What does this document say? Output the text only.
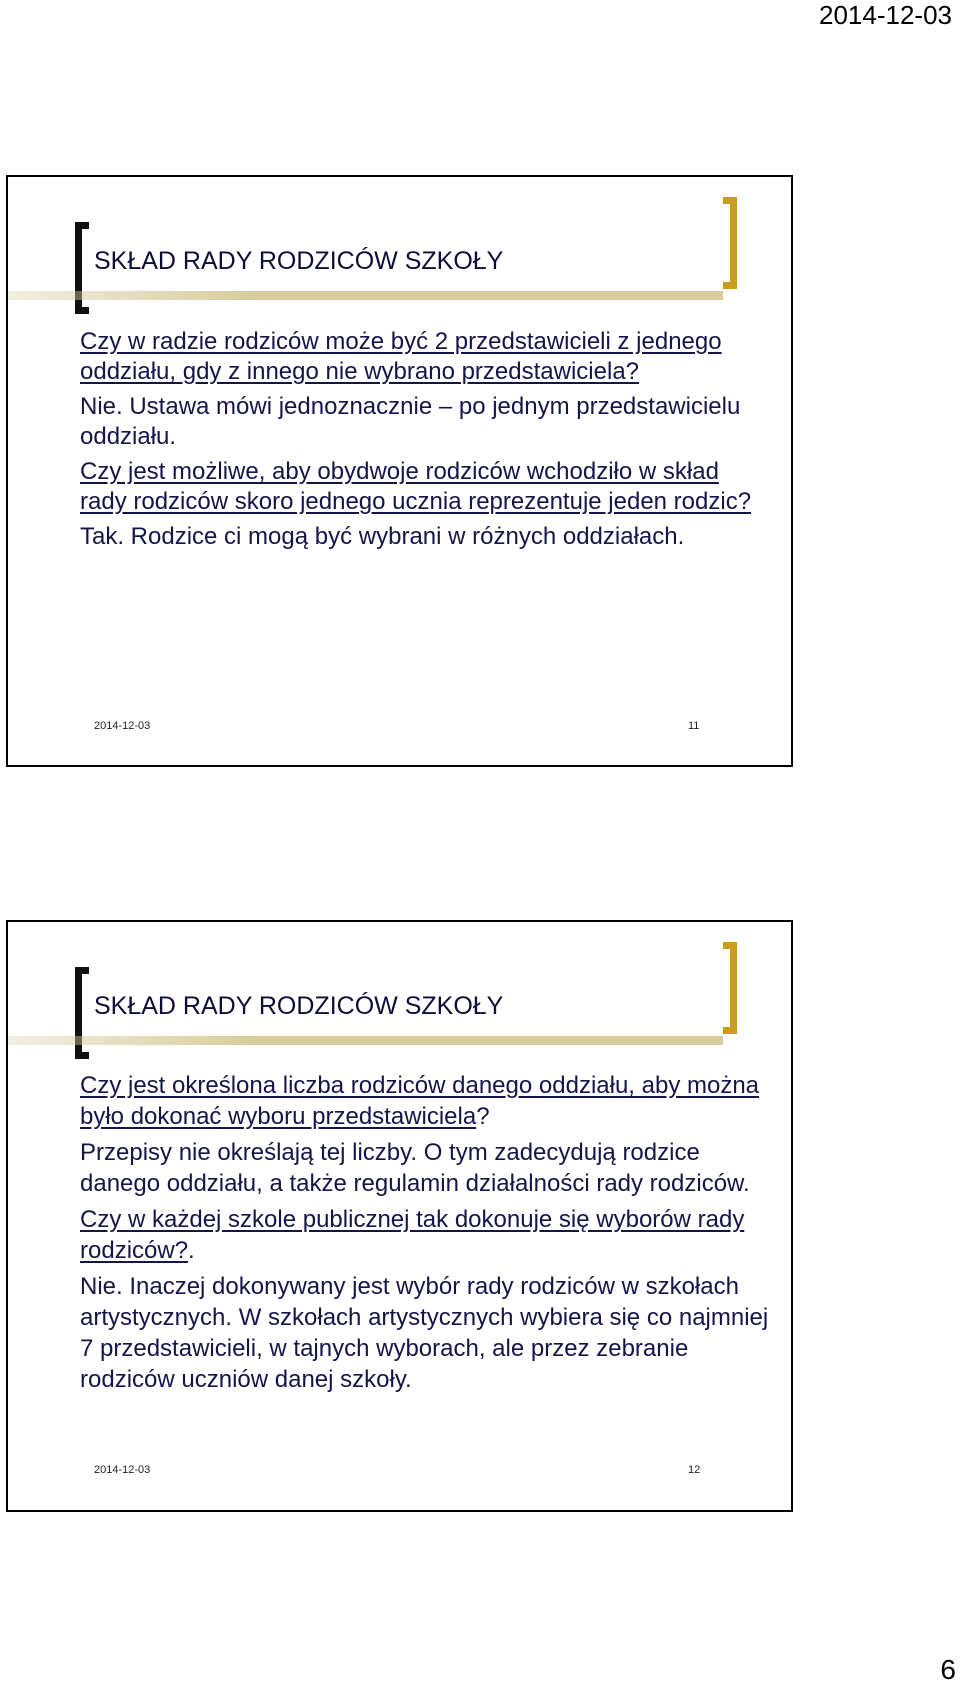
2014-12-03
SKŁAD RADY RODZICÓW SZKOŁY

Czy w radzie rodziców może być 2 przedstawicieli z jednego oddziału, gdy z innego nie wybrano przedstawiciela?

Nie. Ustawa mówi jednoznacznie – po jednym przedstawicielu oddziału.

Czy jest możliwe, aby obydwoje rodziców wchodziło w skład rady rodziców skoro jednego ucznia reprezentuje jeden rodzic?

Tak. Rodzice ci mogą być wybrani w różnych oddziałach.

2014-12-03	11
SKŁAD RADY RODZICÓW SZKOŁY

Czy jest określona liczba rodziców danego oddziału, aby można było dokonać wyboru przedstawiciela?

Przepisy nie określają tej liczby. O tym zadecydują rodzice danego oddziału, a także regulamin działalności rady rodziców.

Czy w każdej szkole publicznej tak dokonuje się wyborów rady rodziców?.

Nie. Inaczej dokonywany jest wybór rady rodziców w szkołach artystycznych. W szkołach artystycznych wybiera się co najmniej 7 przedstawicieli, w tajnych wyborach, ale przez zebranie rodziców uczniów danej szkoły.

2014-12-03	12
6
